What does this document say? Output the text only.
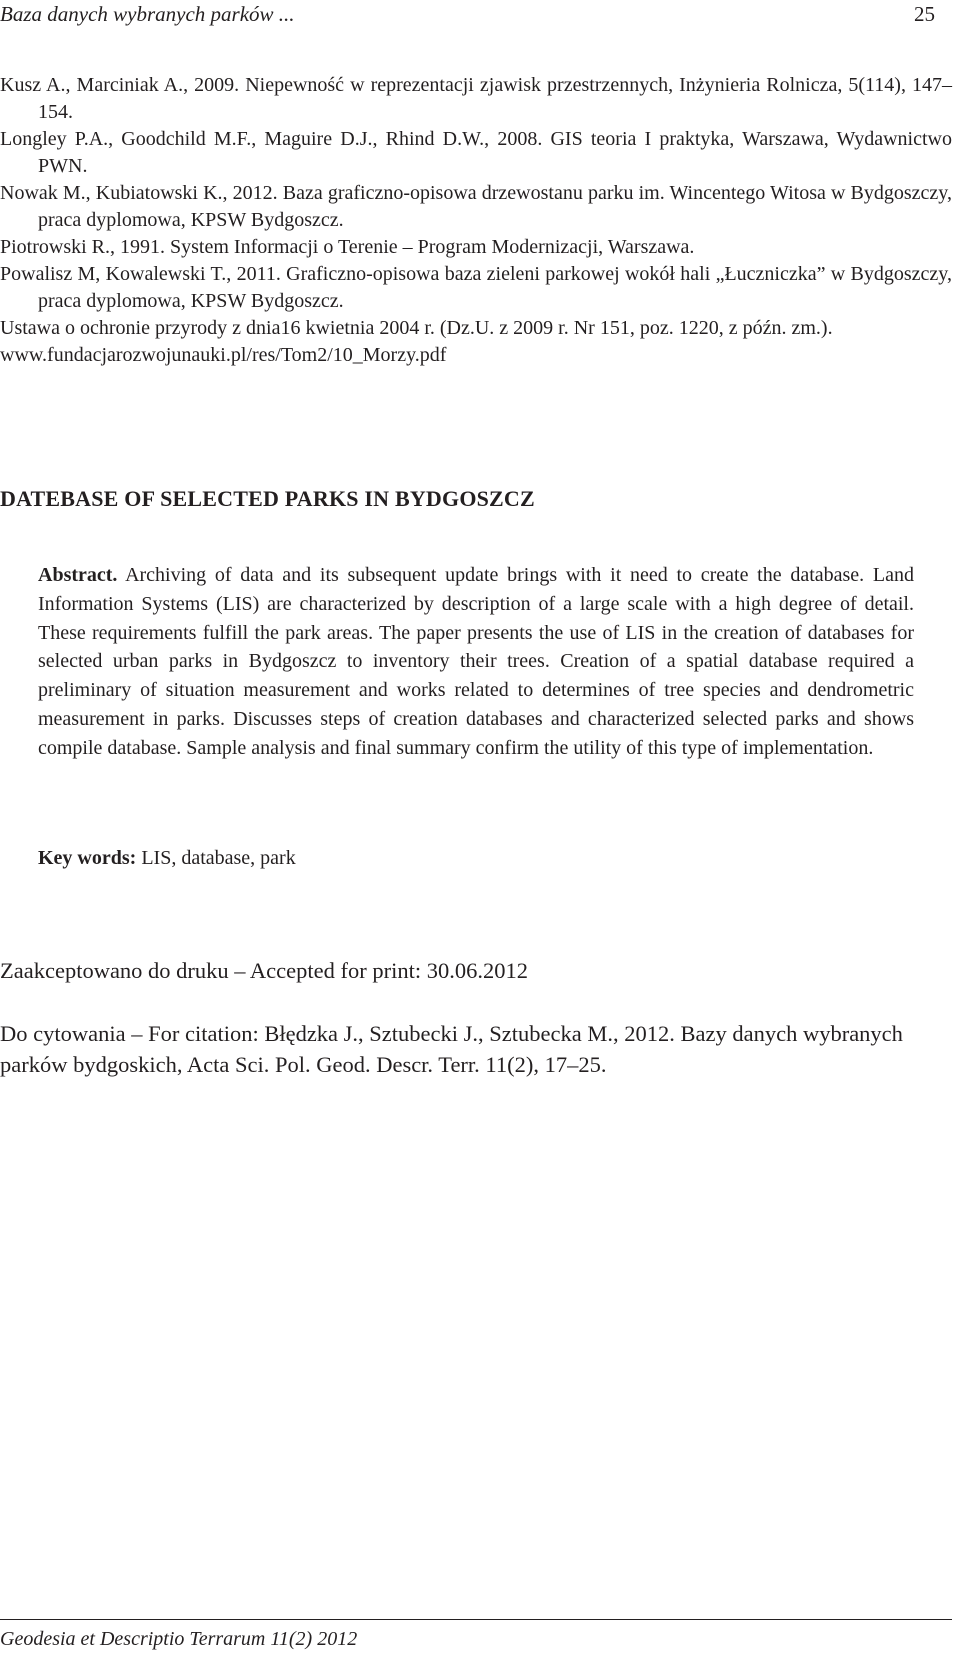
Baza danych wybranych parków ...	25

Kusz A., Marciniak A., 2009. Niepewność w reprezentacji zjawisk przestrzennych, Inżynieria Rolnicza, 5(114), 147–154.

Longley P.A., Goodchild M.F., Maguire D.J., Rhind D.W., 2008. GIS teoria I praktyka, Warszawa, Wydawnictwo PWN.

Nowak M., Kubiatowski K., 2012. Baza graficzno-opisowa drzewostanu parku im. Wincentego Witosa w Bydgoszczy, praca dyplomowa, KPSW Bydgoszcz.

Piotrowski R., 1991. System Informacji o Terenie – Program Modernizacji, Warszawa.

Powalisz M, Kowalewski T., 2011. Graficzno-opisowa baza zieleni parkowej wokół hali „Łuczniczka” w Bydgoszczy, praca dyplomowa, KPSW Bydgoszcz.

Ustawa o ochronie przyrody z dnia16 kwietnia 2004 r. (Dz.U. z 2009 r. Nr 151, poz. 1220, z późn. zm.).

www.fundacjarozwojunauki.pl/res/Tom2/10_Morzy.pdf

DATEBASE OF SELECTED PARKS IN BYDGOSZCZ

Abstract. Archiving of data and its subsequent update brings with it need to create the database. Land Information Systems (LIS) are characterized by description of a large scale with a high degree of detail. These requirements fulfill the park areas. The paper presents the use of LIS in the creation of databases for selected urban parks in Bydgoszcz to inventory their trees. Creation of a spatial database required a preliminary of situation measurement and works related to determines of tree species and dendrometric measurement in parks. Discusses steps of creation databases and characterized selected parks and shows compile database. Sample analysis and final summary confirm the utility of this type of implementation.

Key words: LIS, database, park
Zaakceptowano do druku – Accepted for print: 30.06.2012

Do cytowania – For citation: Błędzka J., Sztubecki J., Sztubecka M., 2012. Bazy danych wybranych parków bydgoskich, Acta Sci. Pol. Geod. Descr. Terr. 11(2), 17–25.

Geodesia et Descriptio Terrarum 11(2) 2012
